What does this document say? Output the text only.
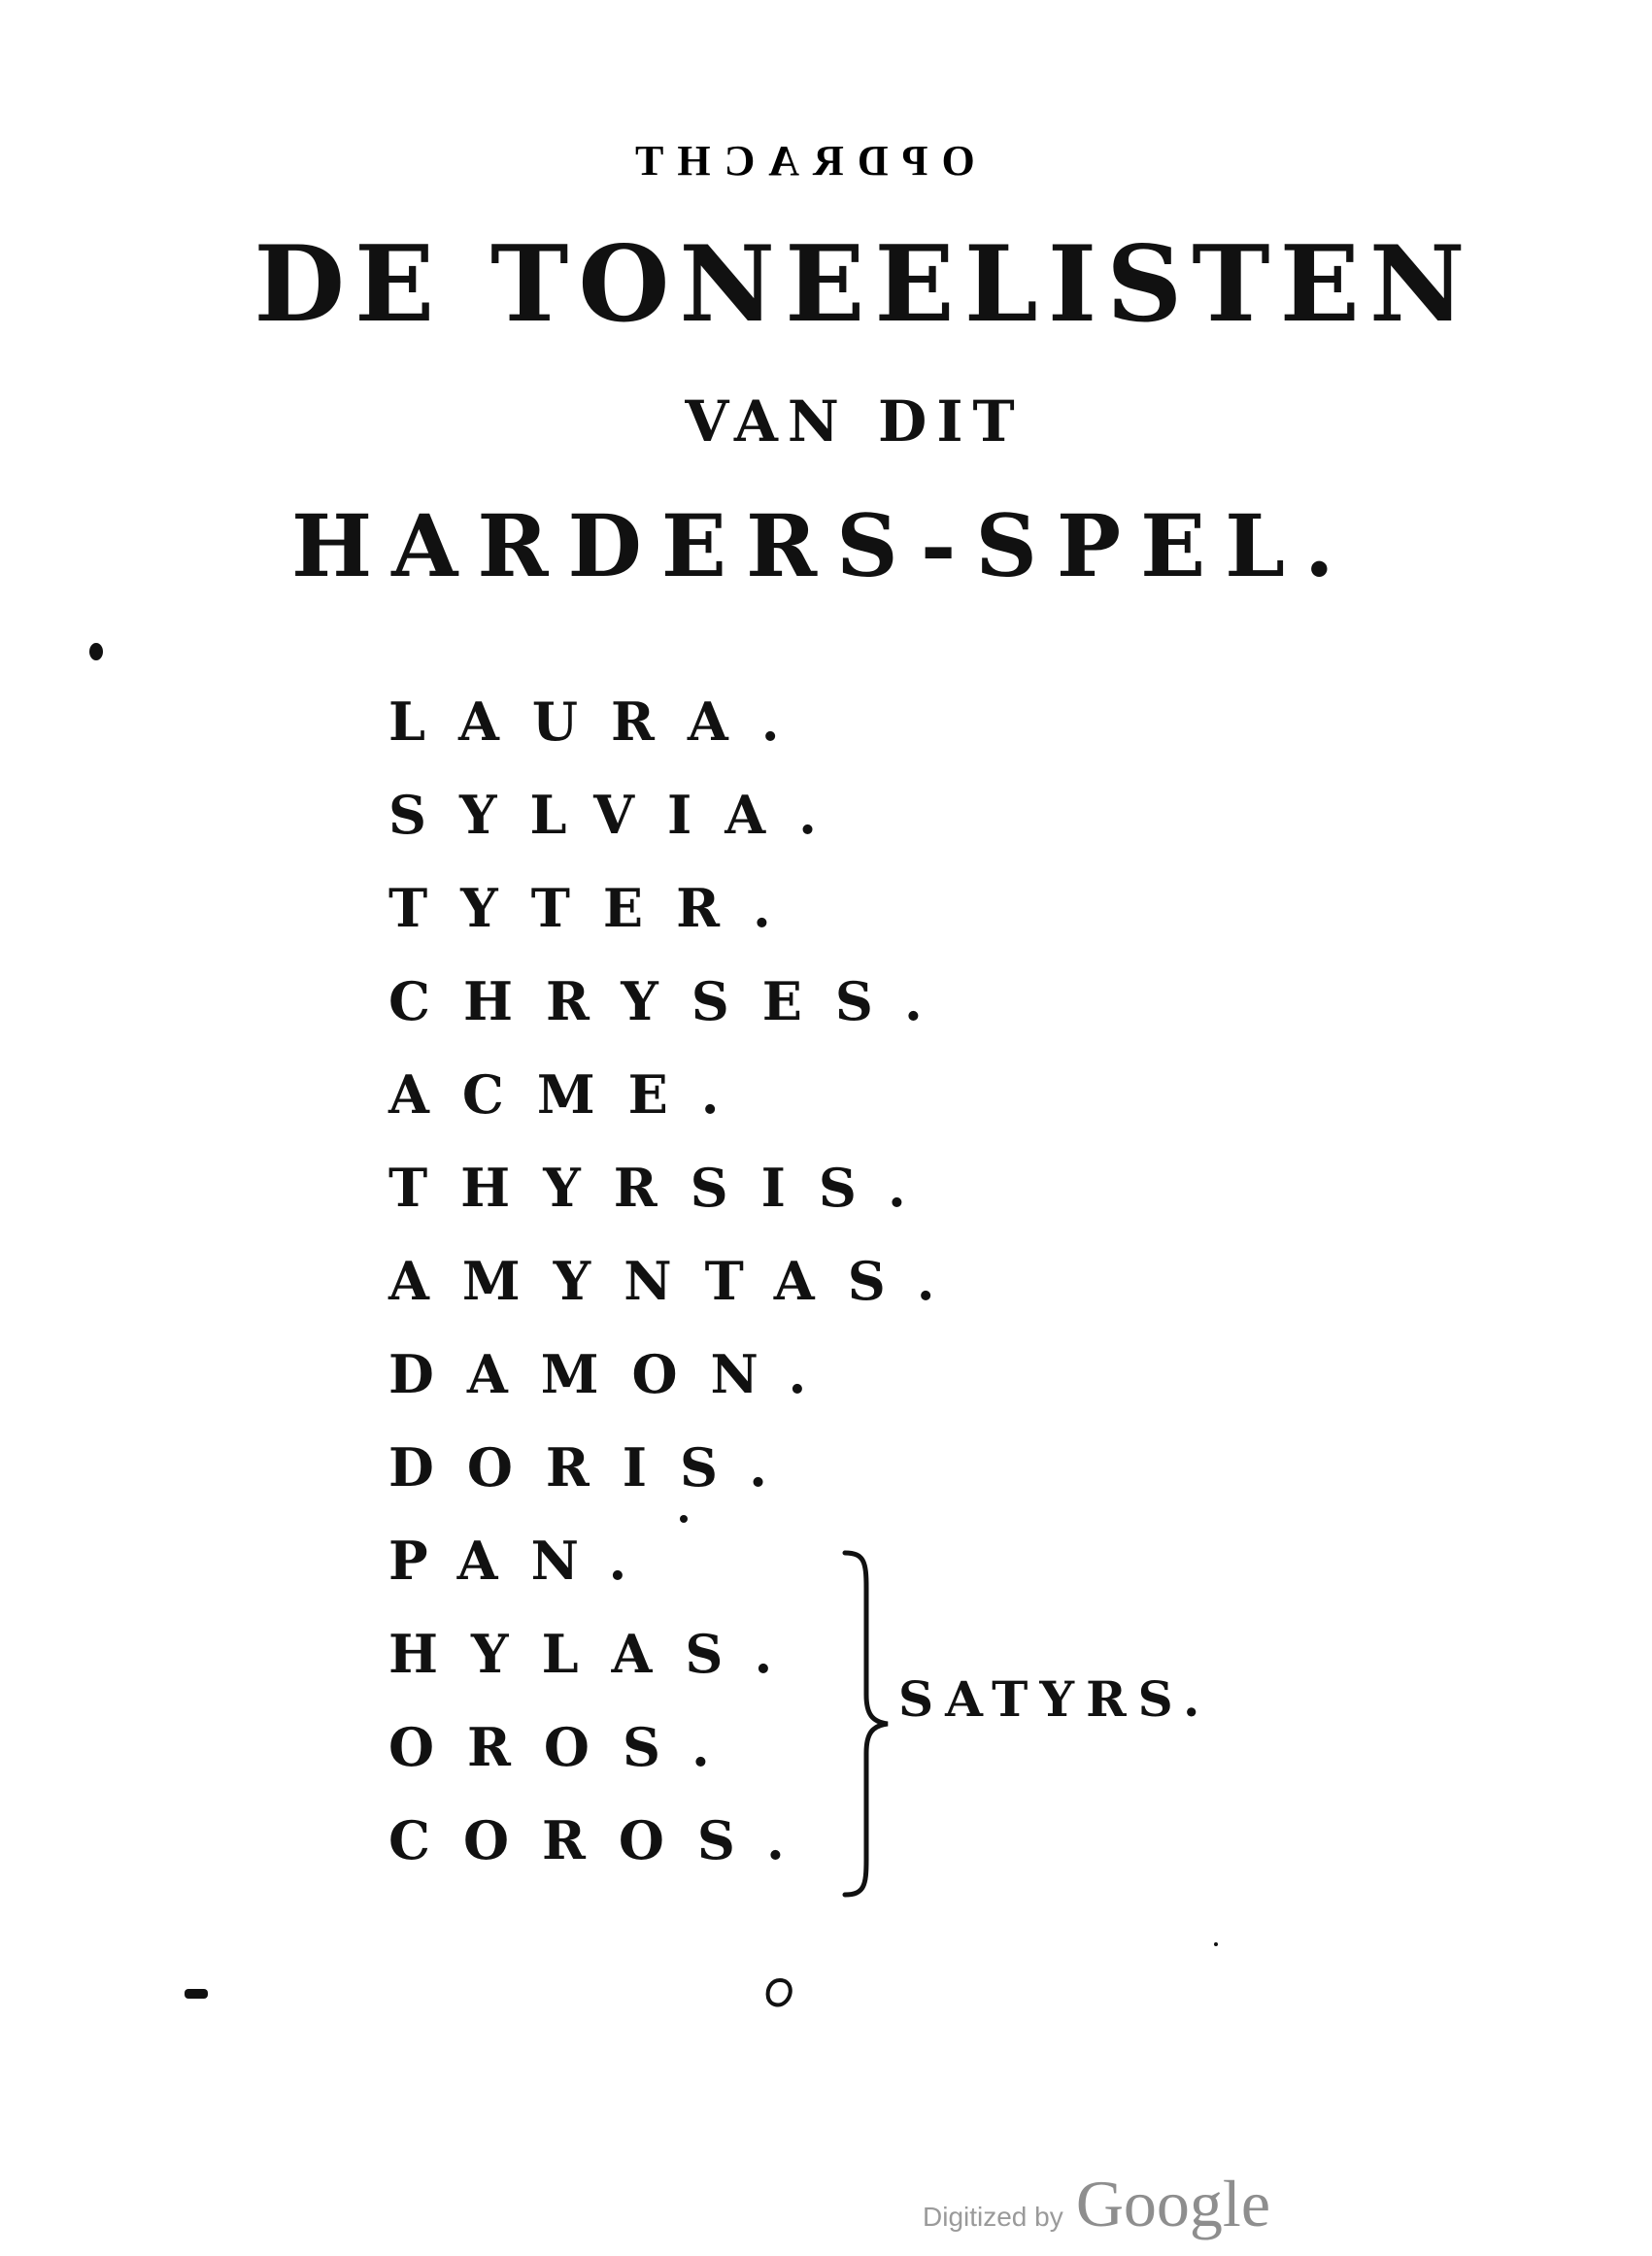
OPDRACHT
DE TONEELISTEN
VAN DIT
HARDERS-SPEL.
LAURA.
SYLVIA.
TYTER.
CHRYSES.
ACME.
THYRSIS.
AMYNTAS.
DAMON.
DORIS.
PAN.
HYLAS.
OROS.
COROS.
SATYRS.
Digitized by Google
